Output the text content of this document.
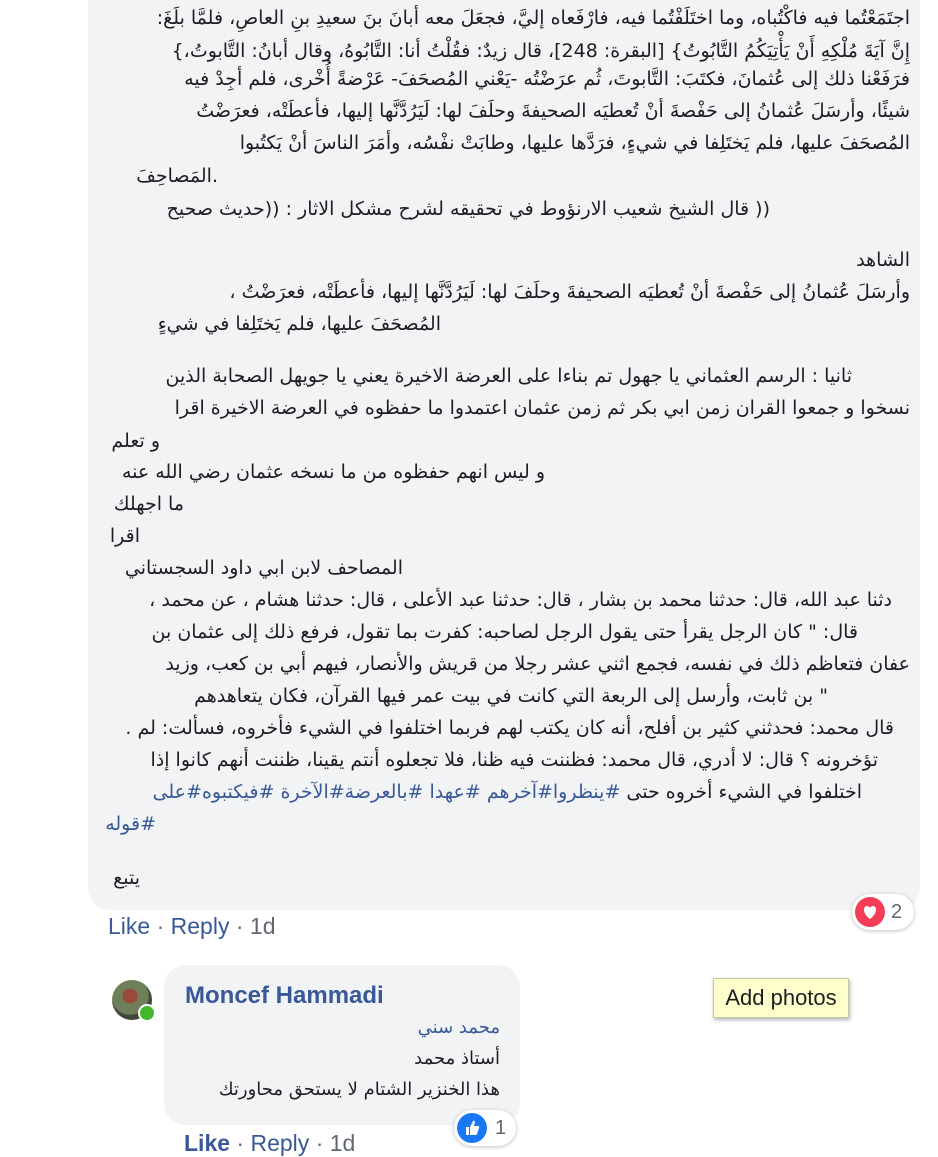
اجتَمَعْتُما فيه فاكْتُباه، وما اختَلَفْتُما فيه، فارْفَعاه إليَّ، فجعَلَ معه أبانَ بنَ سعيدِ بنِ العاصِ، فلمَّا بلَغَ:
إِنَّ آيَةَ مُلْكِهِ أَنْ يَأْتِيَكُمُ التَّابُوتُ} [البقرة: 248]، قال زيدٌ: فقُلْتُ أنا: التَّابُوهُ، وقال أبانُ: التَّابوتُ،}
فرَفَعْنا ذلك إلى عُثمانَ، فكتَبَ: التَّابوتَ، ثُم عرَضْتُه -يَعْني المُصحَفَ- عَرْضةً أُخْرى، فلم أجِدْ فيه
شيئًا، وأرسَلَ عُثمانُ إلى حَفْصةَ أنْ تُعطيَه الصحيفةَ وحلَفَ لها: لَيَرُدَّنَّها إليها، فأعطَتْه، فعرَضْتُ
المُصحَفَ عليها، فلم يَختَلِفا في شيءٍ، فرَدَّها عليها، وطابَتْ نفْسُه، وأمَرَ الناسَ أنْ يَكتُبوا
.المَصاحِفَ
(( قال الشيخ شعيب الارنؤوط في تحقيقه لشرح مشكل الاثار : ((حديث صحيح
الشاهد
وأرسَلَ عُثمانُ إلى حَفْصةَ أنْ تُعطيَه الصحيفةَ وحلَفَ لها: لَيَرُدَّنَّها إليها، فأعطَتْه، فعرَضْتُ ،
المُصحَفَ عليها، فلم يَختَلِفا في شيءٍ
ثانيا : الرسم العثماني يا جهول تم بناءا على العرضة الاخيرة يعني يا جويهل الصحابة الذين
نسخوا و جمعوا القران زمن ابي بكر ثم زمن عثمان اعتمدوا ما حفظوه في العرضة الاخيرة اقرا
و تعلم
و ليس انهم حفظوه من ما نسخه عثمان رضي الله عنه
ما اجهلك
اقرا
المصاحف لابن ابي داود السجستاني
دثنا عبد الله، قال: حدثنا محمد بن بشار ، قال: حدثنا عبد الأعلى ، قال: حدثنا هشام ، عن محمد ،
قال: " كان الرجل يقرأ حتى يقول الرجل لصاحبه: كفرت بما تقول، فرفع ذلك إلى عثمان بن
عفان فتعاظم ذلك في نفسه، فجمع اثني عشر رجلا من قريش والأنصار، فيهم أبي بن كعب، وزيد
" بن ثابت، وأرسل إلى الربعة التي كانت في بيت عمر فيها القرآن، فكان يتعاهدهم
قال محمد: فحدثني كثير بن أفلح، أنه كان يكتب لهم فربما اختلفوا في الشيء فأخروه، فسألت: لم .
تؤخرونه ؟ قال: لا أدري، قال محمد: فظننت فيه ظنا، فلا تجعلوه أنتم يقينا، ظننت أنهم كانوا إذا
اختلفوا في الشيء أخروه حتى #ينظروا#آخرهم #عهدا #بالعرضة#الآخرة #فيكتبوه#على
#قوله
يتبع
Like · Reply · 1d
2
Moncef Hammadi
محمد سني
أستاذ محمد
هذا الخنزير الشتام لا يستحق محاورتك
1
Like · Reply · 1d
Add photos
